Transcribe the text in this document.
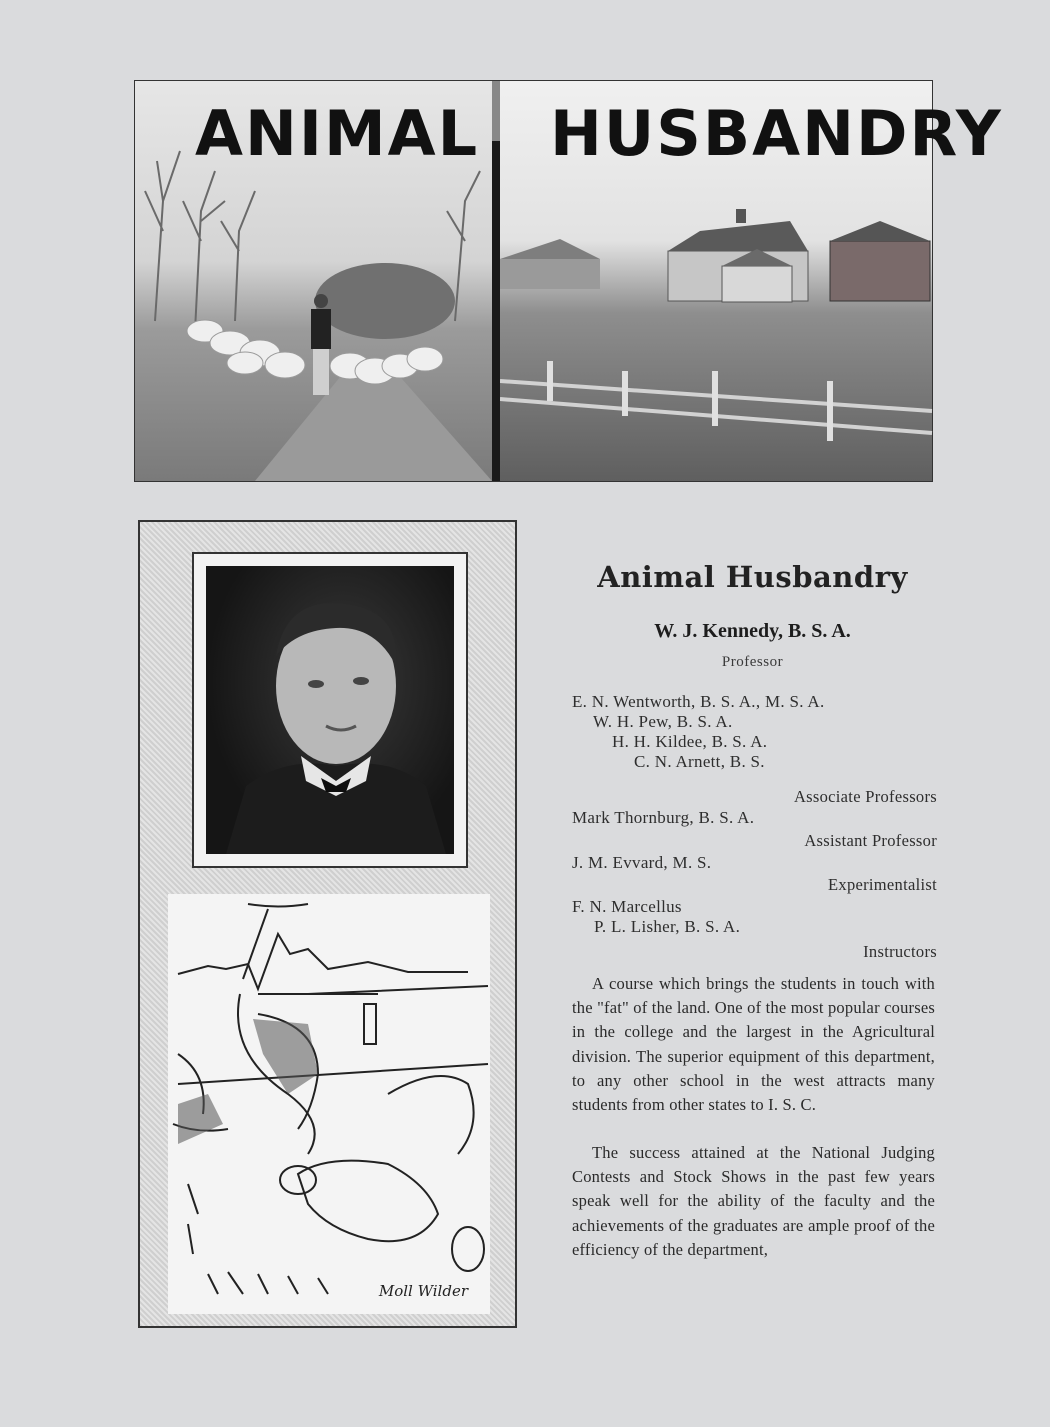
ANIMAL HUSBANDRY
Moll Wilder
Animal Husbandry
W. J. Kennedy, B. S. A.
Professor
E. N. Wentworth, B. S. A., M. S. A.
W. H. Pew, B. S. A.
H. H. Kildee, B. S. A.
C. N. Arnett, B. S.
Associate Professors
Mark Thornburg, B. S. A.
Assistant Professor
J. M. Evvard, M. S.
Experimentalist
F. N. Marcellus
P. L. Lisher, B. S. A.
Instructors
A course which brings the students in touch with the "fat" of the land. One of the most popular courses in the college and the largest in the Agricultural division. The superior equipment of this department, to any other school in the west attracts many students from other states to I. S. C.
The success attained at the National Judging Contests and Stock Shows in the past few years speak well for the ability of the faculty and the achievements of the graduates are ample proof of the efficiency of the department,
